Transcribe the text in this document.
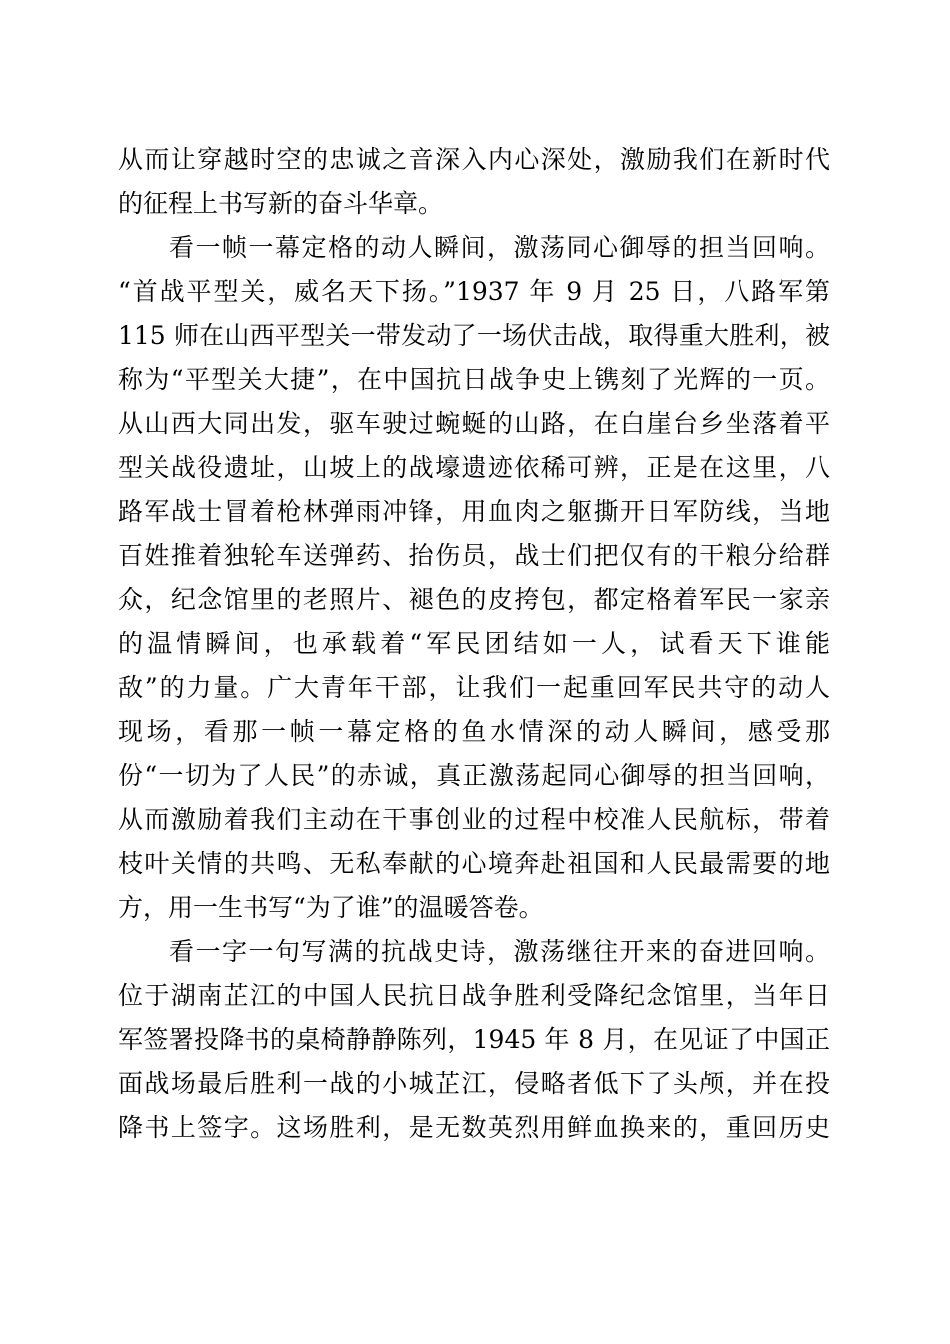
从而让穿越时空的忠诚之音深入内心深处，激励我们在新时代
的征程上书写新的奋斗华章。
看一帧一幕定格的动人瞬间，激荡同心御辱的担当回响。
“首战平型关，威名天下扬。”1937 年 9 月 25 日，八路军第
115 师在山西平型关一带发动了一场伏击战，取得重大胜利，被
称为“平型关大捷”，在中国抗日战争史上镌刻了光辉的一页。
从山西大同出发，驱车驶过蜿蜒的山路，在白崖台乡坐落着平
型关战役遗址，山坡上的战壕遗迹依稀可辨，正是在这里，八
路军战士冒着枪林弹雨冲锋，用血肉之躯撕开日军防线，当地
百姓推着独轮车送弹药、抬伤员，战士们把仅有的干粮分给群
众，纪念馆里的老照片、褪色的皮挎包，都定格着军民一家亲
的温情瞬间，也承载着“军民团结如一人，试看天下谁能
敌”的力量。广大青年干部，让我们一起重回军民共守的动人
现场，看那一帧一幕定格的鱼水情深的动人瞬间，感受那
份“一切为了人民”的赤诚，真正激荡起同心御辱的担当回响，
从而激励着我们主动在干事创业的过程中校准人民航标，带着
枝叶关情的共鸣、无私奉献的心境奔赴祖国和人民最需要的地
方，用一生书写“为了谁”的温暖答卷。
看一字一句写满的抗战史诗，激荡继往开来的奋进回响。
位于湖南芷江的中国人民抗日战争胜利受降纪念馆里，当年日
军签署投降书的桌椅静静陈列，1945 年 8 月，在见证了中国正
面战场最后胜利一战的小城芷江，侵略者低下了头颅，并在投
降书上签字。这场胜利，是无数英烈用鲜血换来的，重回历史
